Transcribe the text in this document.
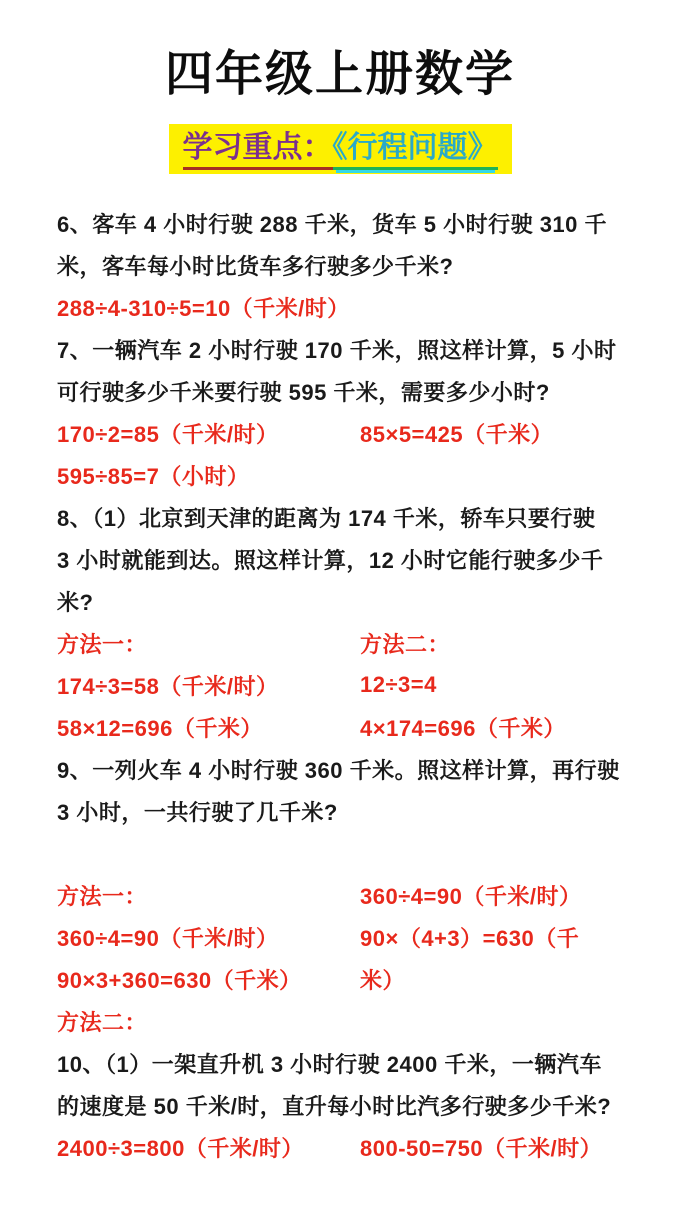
四年级上册数学
学习重点：《行程问题》
6、客车 4 小时行驶 288 千米，货车 5 小时行驶 310 千
米，客车每小时比货车多行驶多少千米?
288÷4-310÷5=10（千米/时）
7、一辆汽车 2 小时行驶 170 千米，照这样计算，5 小时
可行驶多少千米要行驶 595 千米，需要多少小时?
170÷2=85（千米/时）	85×5=425（千米）
595÷85=7（小时）
8、（1）北京到天津的距离为 174 千米，轿车只要行驶
3 小时就能到达。照这样计算，12 小时它能行驶多少千
米?
方法一：	方法二：
174÷3=58（千米/时）	12÷3=4
58×12=696（千米）	4×174=696（千米）
9、一列火车 4 小时行驶 360 千米。照这样计算，再行驶
3 小时，一共行驶了几千米?
方法一：	360÷4=90（千米/时）
360÷4=90（千米/时）	90×（4+3）=630（千
90×3+360=630（千米）	米）
方法二：
10、（1）一架直升机 3 小时行驶 2400 千米，一辆汽车
的速度是 50 千米/时，直升每小时比汽多行驶多少千米?
2400÷3=800（千米/时）	800-50=750（千米/时）
